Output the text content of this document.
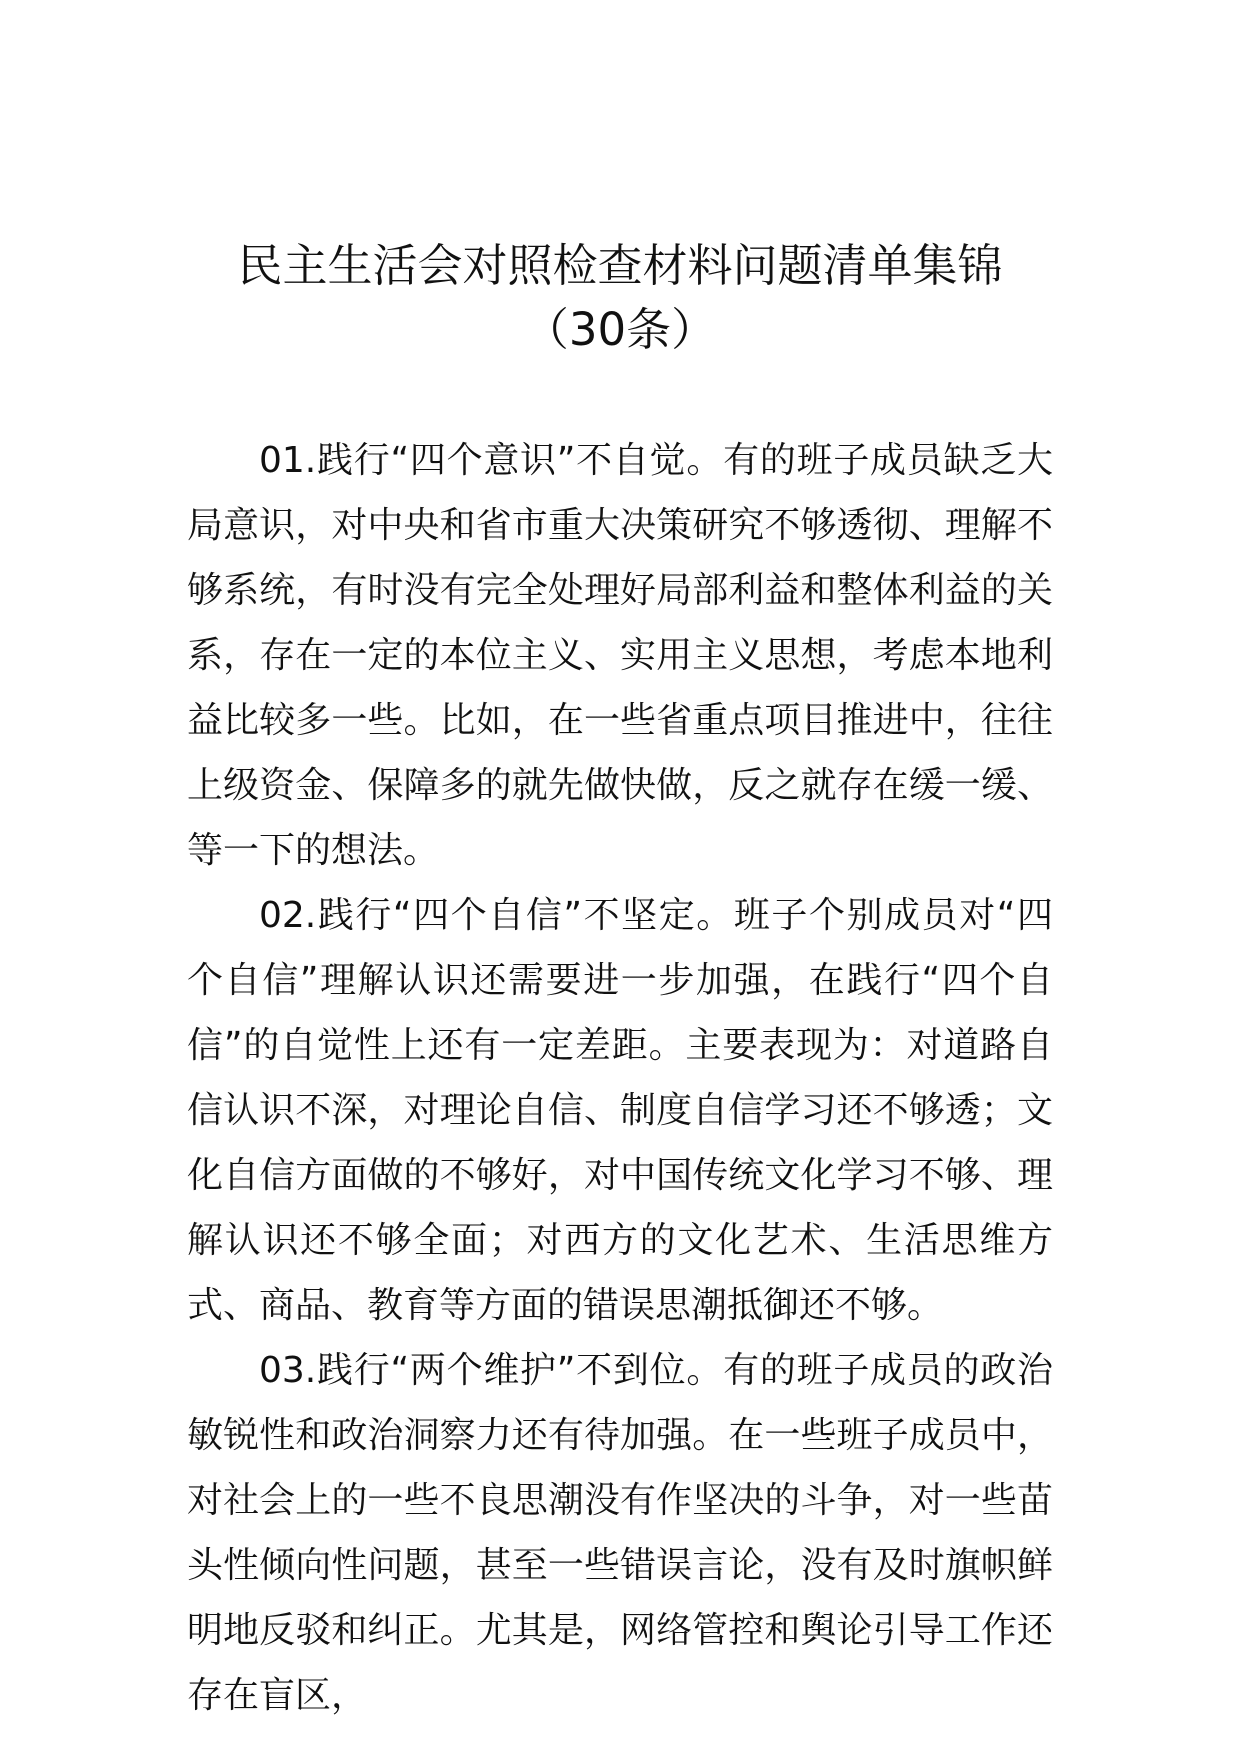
民主生活会对照检查材料问题清单集锦
（30条）

01.践行“四个意识”不自觉。有的班子成员缺乏大局意识，对中央和省市重大决策研究不够透彻、理解不够系统，有时没有完全处理好局部利益和整体利益的关系，存在一定的本位主义、实用主义思想，考虑本地利益比较多一些。比如，在一些省重点项目推进中，往往上级资金、保障多的就先做快做，反之就存在缓一缓、等一下的想法。

02.践行“四个自信”不坚定。班子个别成员对“四个自信”理解认识还需要进一步加强，在践行“四个自信”的自觉性上还有一定差距。主要表现为：对道路自信认识不深，对理论自信、制度自信学习还不够透；文化自信方面做的不够好，对中国传统文化学习不够、理解认识还不够全面；对西方的文化艺术、生活思维方式、商品、教育等方面的错误思潮抵御还不够。

03.践行“两个维护”不到位。有的班子成员的政治敏锐性和政治洞察力还有待加强。在一些班子成员中，对社会上的一些不良思潮没有作坚决的斗争，对一些苗头性倾向性问题，甚至一些错误言论，没有及时旗帜鲜明地反驳和纠正。尤其是，网络管控和舆论引导工作还存在盲区，
